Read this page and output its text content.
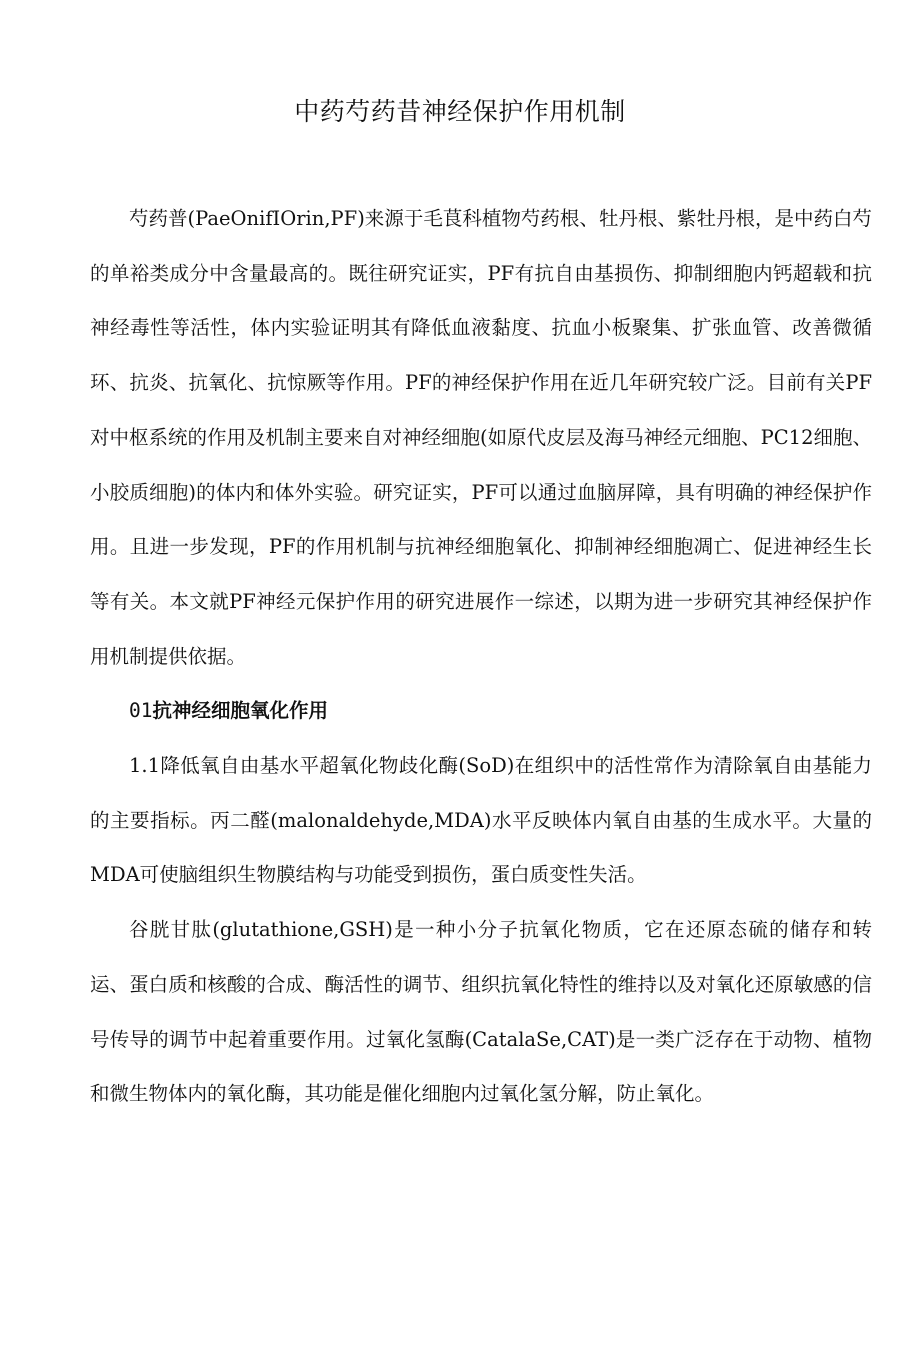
中药芍药昔神经保护作用机制

芍药普(PaeOnifIOrin,PF)来源于毛茛科植物芍药根、牡丹根、紫牡丹根，是中药白芍的单裕类成分中含量最高的。既往研究证实，PF有抗自由基损伤、抑制细胞内钙超载和抗神经毒性等活性，体内实验证明其有降低血液黏度、抗血小板聚集、扩张血管、改善微循环、抗炎、抗氧化、抗惊厥等作用。PF的神经保护作用在近几年研究较广泛。目前有关PF对中枢系统的作用及机制主要来自对神经细胞(如原代皮层及海马神经元细胞、PC12细胞、小胶质细胞)的体内和体外实验。研究证实，PF可以通过血脑屏障，具有明确的神经保护作用。且进一步发现，PF的作用机制与抗神经细胞氧化、抑制神经细胞凋亡、促进神经生长等有关。本文就PF神经元保护作用的研究进展作一综述，以期为进一步研究其神经保护作用机制提供依据。

01抗神经细胞氧化作用

1.1降低氧自由基水平超氧化物歧化酶(SoD)在组织中的活性常作为清除氧自由基能力的主要指标。丙二醛(malonaldehyde,MDA)水平反映体内氧自由基的生成水平。大量的MDA可使脑组织生物膜结构与功能受到损伤，蛋白质变性失活。

谷胱甘肽(glutathione,GSH)是一种小分子抗氧化物质，它在还原态硫的储存和转运、蛋白质和核酸的合成、酶活性的调节、组织抗氧化特性的维持以及对氧化还原敏感的信号传导的调节中起着重要作用。过氧化氢酶(CatalaSe,CAT)是一类广泛存在于动物、植物和微生物体内的氧化酶，其功能是催化细胞内过氧化氢分解，防止氧化。
